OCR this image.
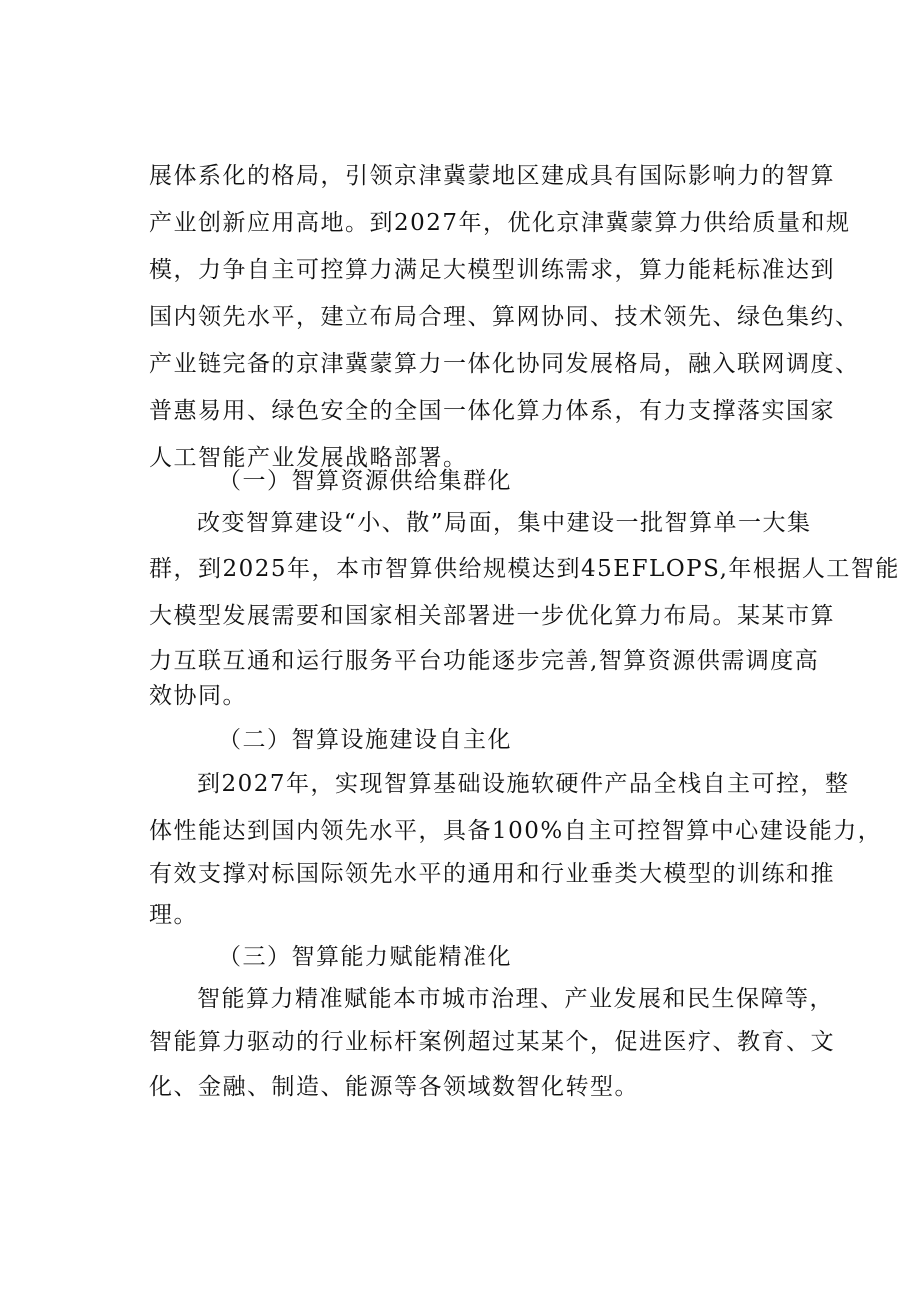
展体系化的格局，引领京津冀蒙地区建成具有国际影响力的智算
产业创新应用高地。到2027年，优化京津冀蒙算力供给质量和规
模，力争自主可控算力满足大模型训练需求，算力能耗标准达到
国内领先水平，建立布局合理、算网协同、技术领先、绿色集约、
产业链完备的京津冀蒙算力一体化协同发展格局，融入联网调度、
普惠易用、绿色安全的全国一体化算力体系，有力支撑落实国家
人工智能产业发展战略部署。
（一）智算资源供给集群化
改变智算建设“小、散”局面，集中建设一批智算单一大集
群，到2025年，本市智算供给规模达到45EFLOPS,年根据人工智能
大模型发展需要和国家相关部署进一步优化算力布局。某某市算
力互联互通和运行服务平台功能逐步完善,智算资源供需调度高
效协同。
（二）智算设施建设自主化
到2027年，实现智算基础设施软硬件产品全栈自主可控，整
体性能达到国内领先水平，具备100%自主可控智算中心建设能力，
有效支撑对标国际领先水平的通用和行业垂类大模型的训练和推
理。
（三）智算能力赋能精准化
智能算力精准赋能本市城市治理、产业发展和民生保障等，
智能算力驱动的行业标杆案例超过某某个，促进医疗、教育、文
化、金融、制造、能源等各领域数智化转型。
